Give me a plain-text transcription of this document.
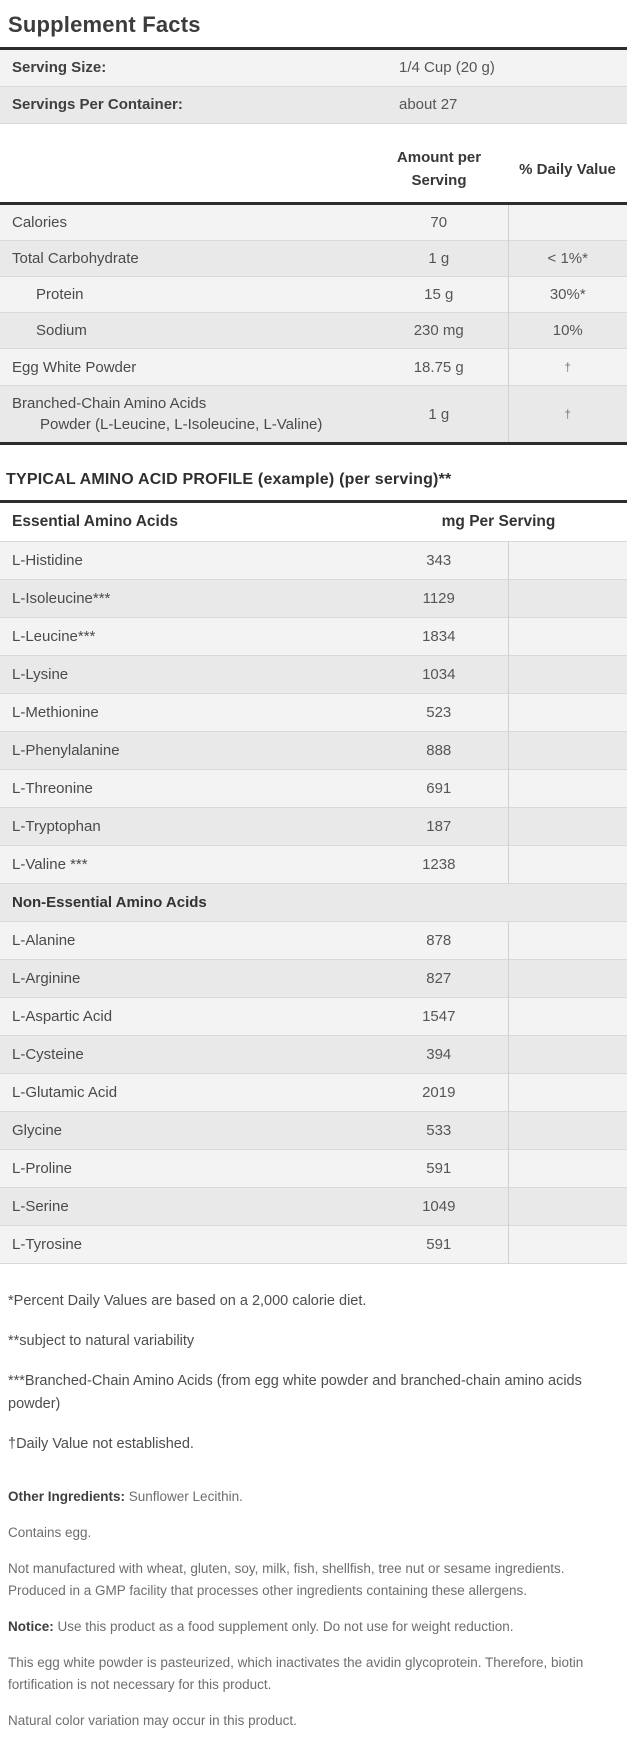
Supplement Facts
Serving Size:	1/4 Cup (20 g)
Servings Per Container:	about 27
	Amount per Serving	% Daily Value
Calories	70	
Total Carbohydrate	1 g	< 1%*
Protein	15 g	30%*
Sodium	230 mg	10%
Egg White Powder	18.75 g	†

Branched-Chain Amino Acids
Powder (L-Leucine, L-Isoleucine, L-Valine)	1 g	†
TYPICAL AMINO ACID PROFILE (example) (per serving)**
Essential Amino Acids	mg Per Serving	
L-Histidine	343	
L-Isoleucine***	1129	
L-Leucine***	1834	
L-Lysine	1034	
L-Methionine	523	
L-Phenylalanine	888	
L-Threonine	691	
L-Tryptophan	187	
L-Valine ***	1238	
Non-Essential Amino Acids		
L-Alanine	878	
L-Arginine	827	
L-Aspartic Acid	1547	
L-Cysteine	394	
L-Glutamic Acid	2019	
Glycine	533	
L-Proline	591	
L-Serine	1049	
L-Tyrosine	591	

*Percent Daily Values are based on a 2,000 calorie diet.

**subject to natural variability

***Branched-Chain Amino Acids (from egg white powder and branched-chain amino acids powder)

†Daily Value not established.

Other Ingredients: Sunflower Lecithin.

Contains egg.

Not manufactured with wheat, gluten, soy, milk, fish, shellfish, tree nut or sesame ingredients. Produced in a GMP facility that processes other ingredients containing these allergens.

Notice: Use this product as a food supplement only. Do not use for weight reduction.

This egg white powder is pasteurized, which inactivates the avidin glycoprotein. Therefore, biotin fortification is not necessary for this product.

Natural color variation may occur in this product.
